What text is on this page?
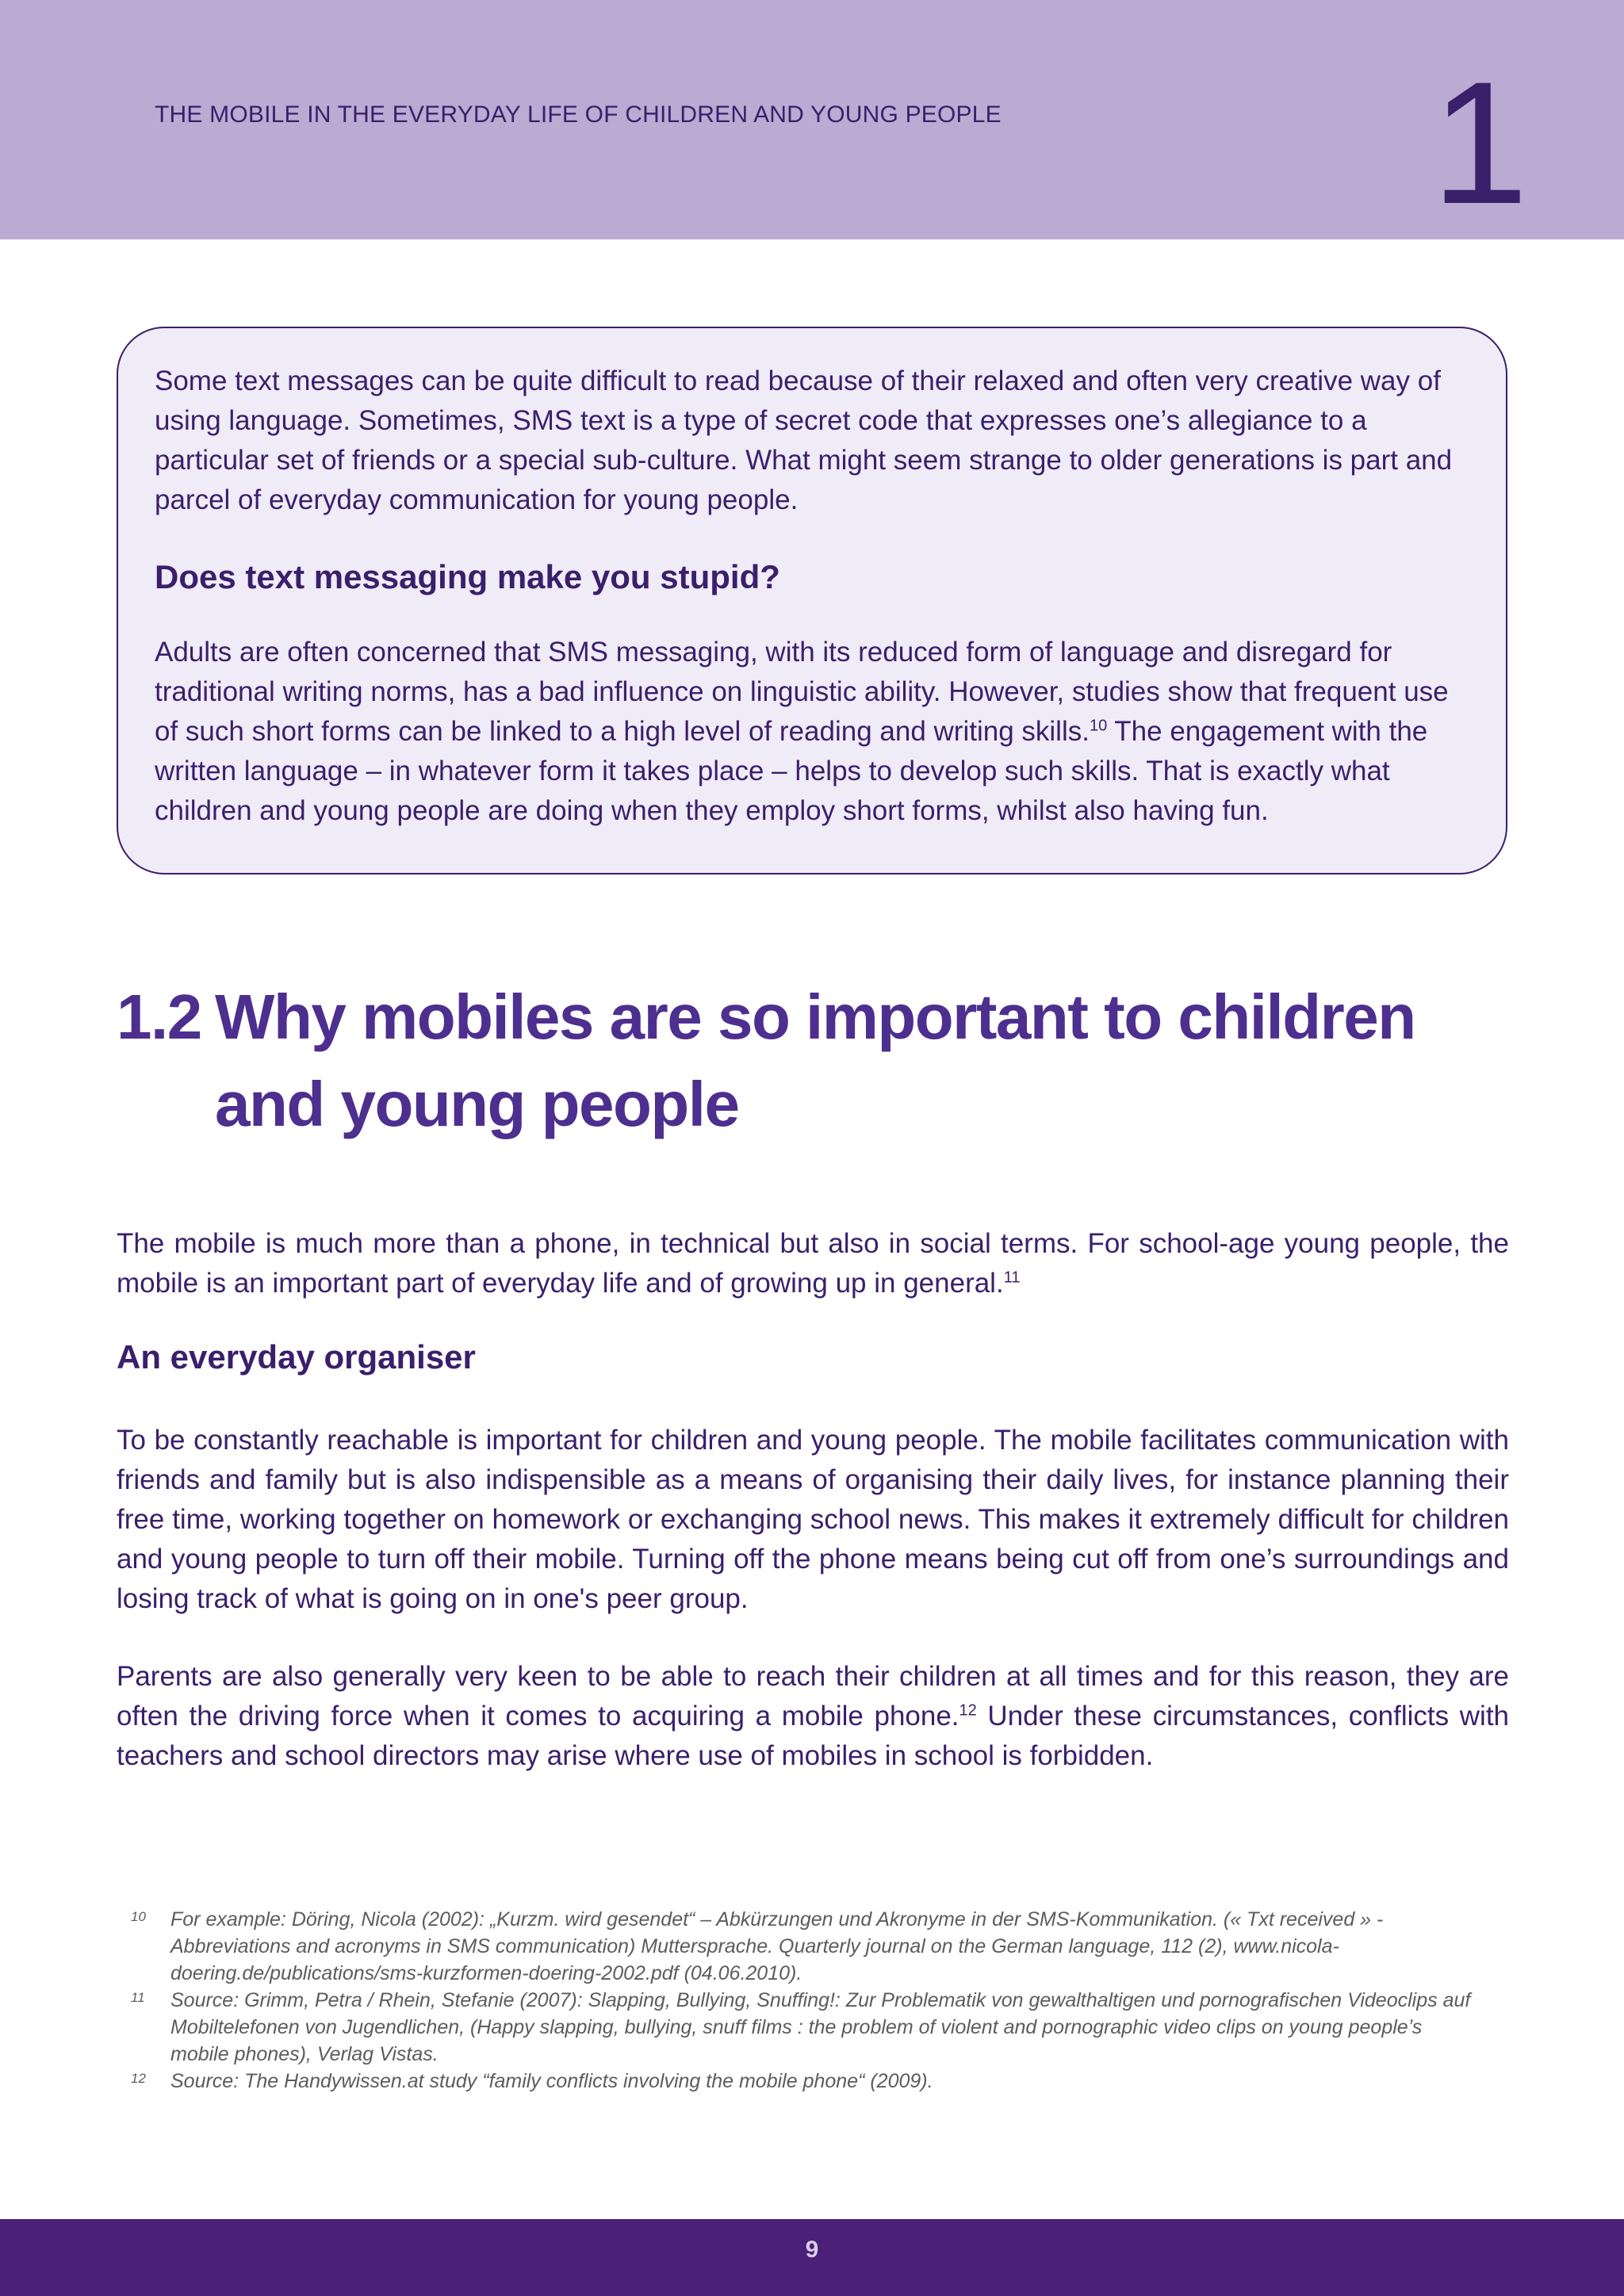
THE MOBILE IN THE EVERYDAY LIFE OF CHILDREN AND YOUNG PEOPLE 1

Some text messages can be quite difficult to read because of their relaxed and often very creative way of using language. Sometimes, SMS text is a type of secret code that expresses one’s allegiance to a particular set of friends or a special sub-culture. What might seem strange to older generations is part and parcel of everyday communication for young people.

Does text messaging make you stupid?

Adults are often concerned that SMS messaging, with its reduced form of language and disregard for traditional writing norms, has a bad influence on linguistic ability. However, studies show that frequent use of such short forms can be linked to a high level of reading and writing skills.$^{10}$ The engagement with the written language – in whatever form it takes place – helps to develop such skills. That is exactly what children and young people are doing when they employ short forms, whilst also having fun.

1.2 Why mobiles are so important to children and young people

The mobile is much more than a phone, in technical but also in social terms. For school-age young people, the mobile is an important part of everyday life and of growing up in general.$^{11}$

An everyday organiser

To be constantly reachable is important for children and young people. The mobile facilitates communication with friends and family but is also indispensible as a means of organising their daily lives, for instance planning their free time, working together on homework or exchanging school news. This makes it extremely difficult for children and young people to turn off their mobile. Turning off the phone means being cut off from one’s surroundings and losing track of what is going on in one's peer group.

Parents are also generally very keen to be able to reach their children at all times and for this reason, they are often the driving force when it comes to acquiring a mobile phone.$^{12}$ Under these circumstances, conflicts with teachers and school directors may arise where use of mobiles in school is forbidden.

10	For example: Döring, Nicola (2002): „Kurzm. wird gesendet“ – Abkürzungen und Akronyme in der SMS-Kommunikation. (« Txt received » - Abbreviations and acronyms in SMS communication) Muttersprache. Quarterly journal on the German language, 112 (2), www.nicola-doering.de/publications/sms-kurzformen-doering-2002.pdf (04.06.2010).
11	Source: Grimm, Petra / Rhein, Stefanie (2007): Slapping, Bullying, Snuffing!: Zur Problematik von gewalthaltigen und pornografischen Videoclips auf Mobiltelefonen von Jugendlichen, (Happy slapping, bullying, snuff films : the problem of violent and pornographic video clips on young people’s mobile phones), Verlag Vistas.
12	Source: The Handywissen.at study “family conflicts involving the mobile phone“ (2009).
9
